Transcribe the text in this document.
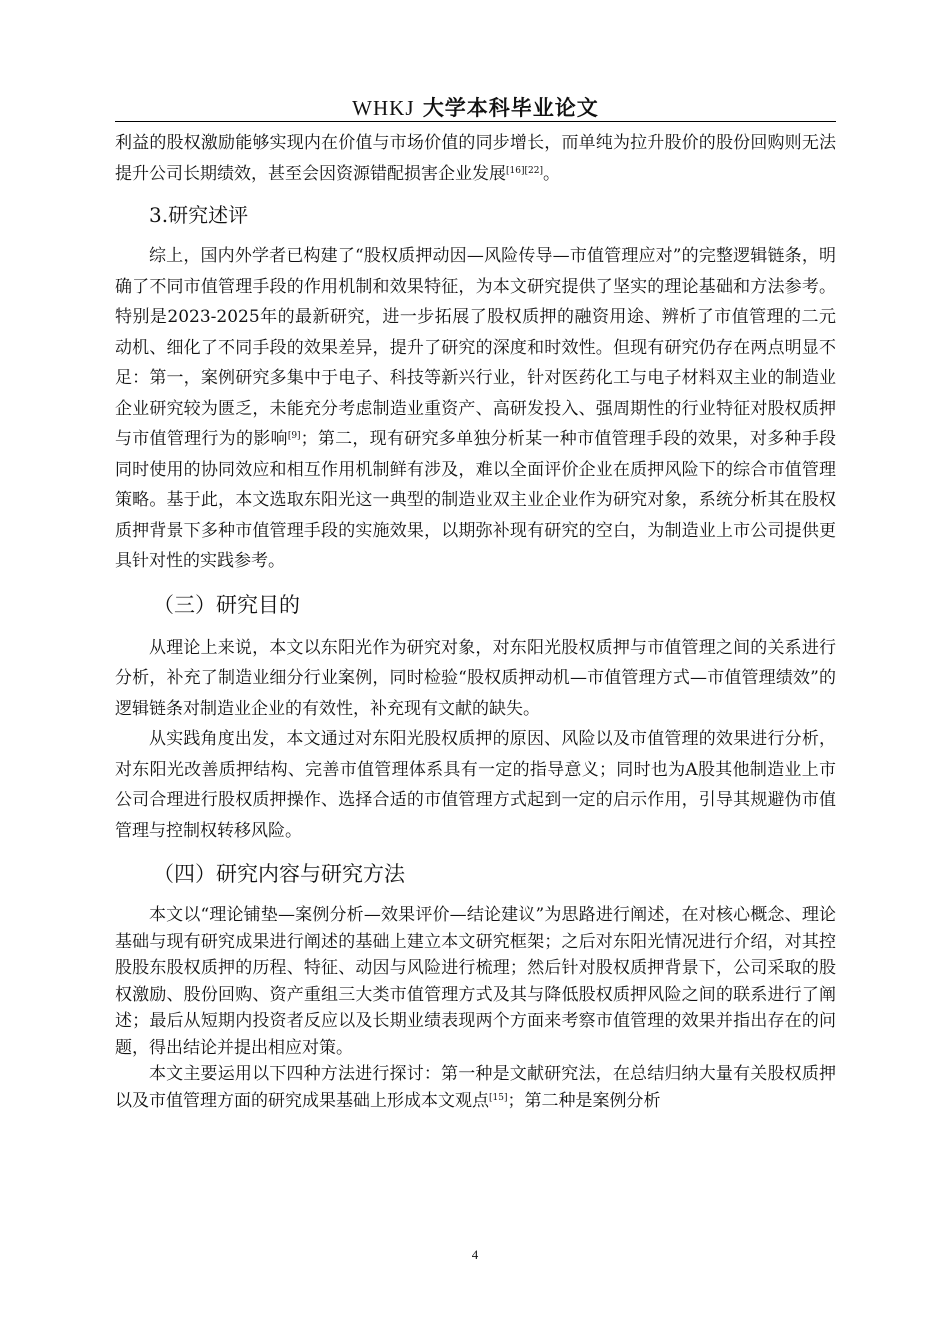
WHKJ 大学本科毕业论文

利益的股权激励能够实现内在价值与市场价值的同步增长，而单纯为拉升股价的股份回购则无法提升公司长期绩效，甚至会因资源错配损害企业发展[16][22]。

3.研究述评

综上，国内外学者已构建了“股权质押动因—风险传导—市值管理应对”的完整逻辑链条，明确了不同市值管理手段的作用机制和效果特征，为本文研究提供了坚实的理论基础和方法参考。特别是2023-2025年的最新研究，进一步拓展了股权质押的融资用途、辨析了市值管理的二元动机、细化了不同手段的效果差异，提升了研究的深度和时效性。但现有研究仍存在两点明显不足：第一，案例研究多集中于电子、科技等新兴行业，针对医药化工与电子材料双主业的制造业企业研究较为匮乏，未能充分考虑制造业重资产、高研发投入、强周期性的行业特征对股权质押与市值管理行为的影响[9]；第二，现有研究多单独分析某一种市值管理手段的效果，对多种手段同时使用的协同效应和相互作用机制鲜有涉及，难以全面评价企业在质押风险下的综合市值管理策略。基于此，本文选取东阳光这一典型的制造业双主业企业作为研究对象，系统分析其在股权质押背景下多种市值管理手段的实施效果，以期弥补现有研究的空白，为制造业上市公司提供更具针对性的实践参考。

（三）研究目的

从理论上来说，本文以东阳光作为研究对象，对东阳光股权质押与市值管理之间的关系进行分析，补充了制造业细分行业案例，同时检验“股权质押动机—市值管理方式—市值管理绩效”的逻辑链条对制造业企业的有效性，补充现有文献的缺失。

从实践角度出发，本文通过对东阳光股权质押的原因、风险以及市值管理的效果进行分析，对东阳光改善质押结构、完善市值管理体系具有一定的指导意义；同时也为A股其他制造业上市公司合理进行股权质押操作、选择合适的市值管理方式起到一定的启示作用，引导其规避伪市值管理与控制权转移风险。

（四）研究内容与研究方法

本文以“理论铺垫—案例分析—效果评价—结论建议”为思路进行阐述，在对核心概念、理论基础与现有研究成果进行阐述的基础上建立本文研究框架；之后对东阳光情况进行介绍，对其控股股东股权质押的历程、特征、动因与风险进行梳理；然后针对股权质押背景下，公司采取的股权激励、股份回购、资产重组三大类市值管理方式及其与降低股权质押风险之间的联系进行了阐述；最后从短期内投资者反应以及长期业绩表现两个方面来考察市值管理的效果并指出存在的问题，得出结论并提出相应对策。

本文主要运用以下四种方法进行探讨：第一种是文献研究法，在总结归纳大量有关股权质押以及市值管理方面的研究成果基础上形成本文观点[15]；第二种是案例分析

4
